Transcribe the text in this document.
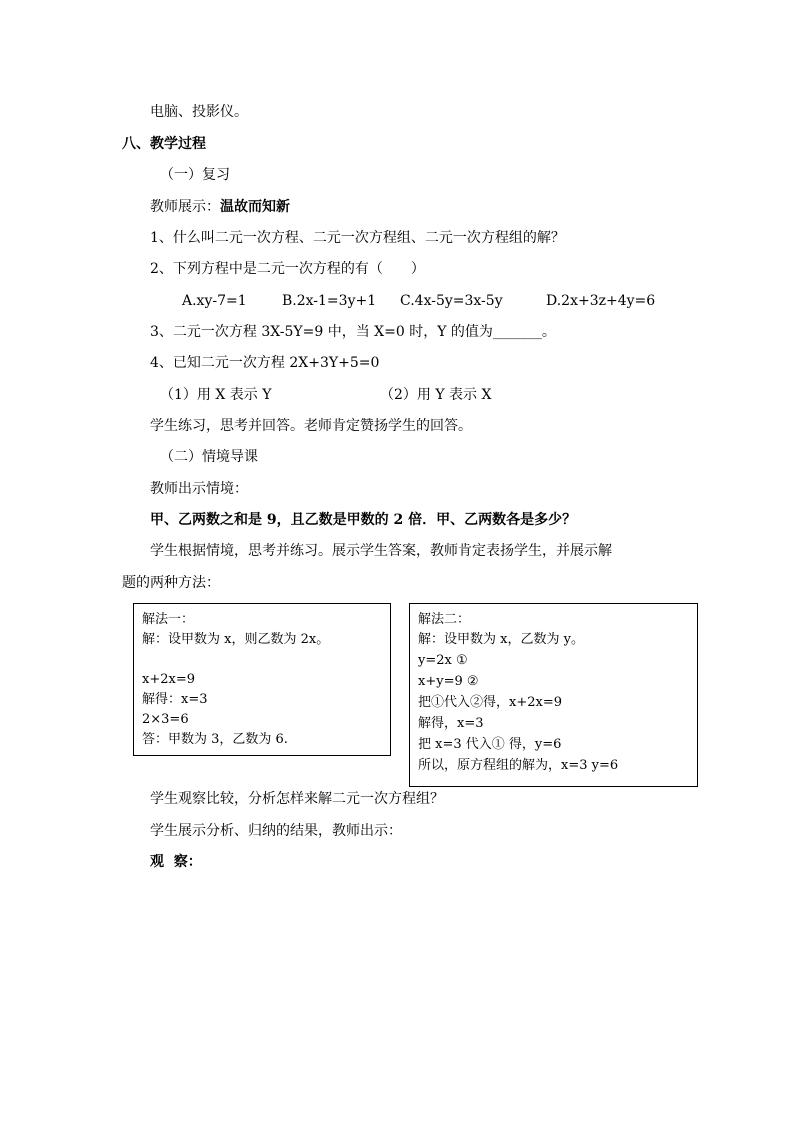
电脑、投影仪。
八、教学过程
（一）复习
教师展示：温故而知新
1、什么叫二元一次方程、二元一次方程组、二元一次方程组的解？
2、下列方程中是二元一次方程的有（　　）
A.xy-7=1	B.2x-1=3y+1 C.4x-5y=3x-5y	D.2x+3z+4y=6
3、二元一次方程 3X-5Y=9 中，当 X=0 时，Y 的值为_______。
4、已知二元一次方程 2X+3Y+5=0
（1）用 X 表示 Y	（2）用 Y 表示 X
学生练习，思考并回答。老师肯定赞扬学生的回答。
（二）情境导课
教师出示情境：
甲、乙两数之和是 9，且乙数是甲数的 2 倍．甲、乙两数各是多少？
学生根据情境，思考并练习。展示学生答案，教师肯定表扬学生，并展示解
题的两种方法：
解法一：
解：设甲数为 x，则乙数为 2x。
x+2x=9
解得：x=3
2×3=6
答：甲数为 3，乙数为 6.
解法二：
解：设甲数为 x，乙数为 y。
y=2x ①
x+y=9 ②
把①代入②得，x+2x=9
解得，x=3
把 x=3 代入① 得，y=6
所以，原方程组的解为，x=3 y=6
学生观察比较，分析怎样来解二元一次方程组？
学生展示分析、归纳的结果，教师出示：
观  察：
